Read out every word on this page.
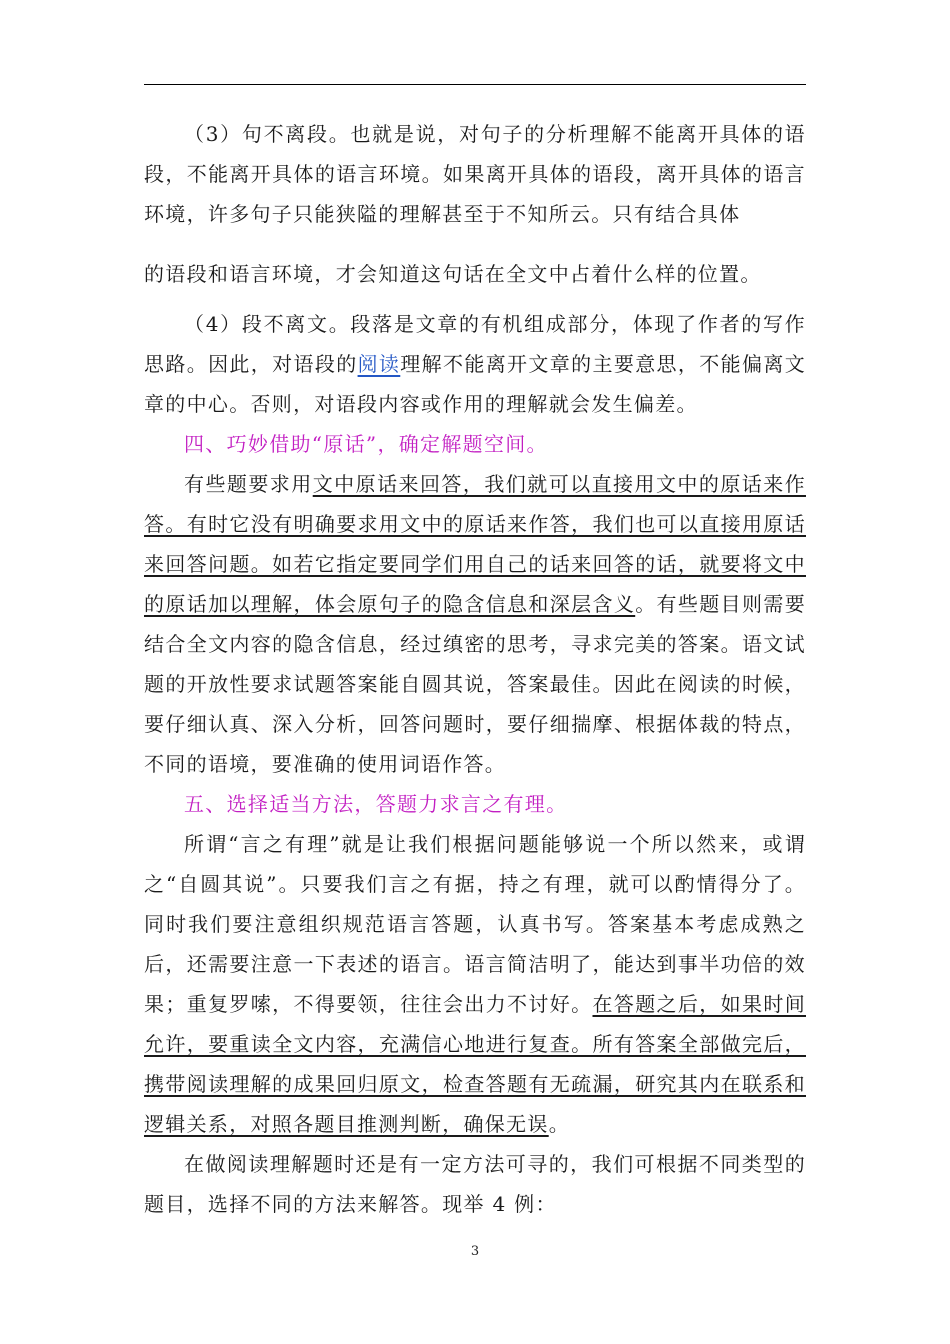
（3）句不离段。也就是说，对句子的分析理解不能离开具体的语段，不能离开具体的语言环境。如果离开具体的语段，离开具体的语言环境，许多句子只能狭隘的理解甚至于不知所云。只有结合具体

的语段和语言环境，才会知道这句话在全文中占着什么样的位置。

（4）段不离文。段落是文章的有机组成部分，体现了作者的写作思路。因此，对语段的阅读理解不能离开文章的主要意思，不能偏离文章的中心。否则，对语段内容或作用的理解就会发生偏差。

四、巧妙借助“原话”，确定解题空间。

有些题要求用文中原话来回答，我们就可以直接用文中的原话来作答。有时它没有明确要求用文中的原话来作答，我们也可以直接用原话来回答问题。如若它指定要同学们用自己的话来回答的话，就要将文中的原话加以理解，体会原句子的隐含信息和深层含义。有些题目则需要结合全文内容的隐含信息，经过缜密的思考，寻求完美的答案。语文试题的开放性要求试题答案能自圆其说，答案最佳。因此在阅读的时候，要仔细认真、深入分析，回答问题时，要仔细揣摩、根据体裁的特点，不同的语境，要准确的使用词语作答。

五、选择适当方法，答题力求言之有理。

所谓“言之有理”就是让我们根据问题能够说一个所以然来，或谓之“自圆其说”。只要我们言之有据，持之有理，就可以酌情得分了。同时我们要注意组织规范语言答题，认真书写。答案基本考虑成熟之后，还需要注意一下表述的语言。语言简洁明了，能达到事半功倍的效果；重复罗嗦，不得要领，往往会出力不讨好。在答题之后，如果时间允许，要重读全文内容，充满信心地进行复查。所有答案全部做完后，携带阅读理解的成果回归原文，检查答题有无疏漏，研究其内在联系和逻辑关系，对照各题目推测判断，确保无误。

在做阅读理解题时还是有一定方法可寻的，我们可根据不同类型的题目，选择不同的方法来解答。现举 4 例：

3
